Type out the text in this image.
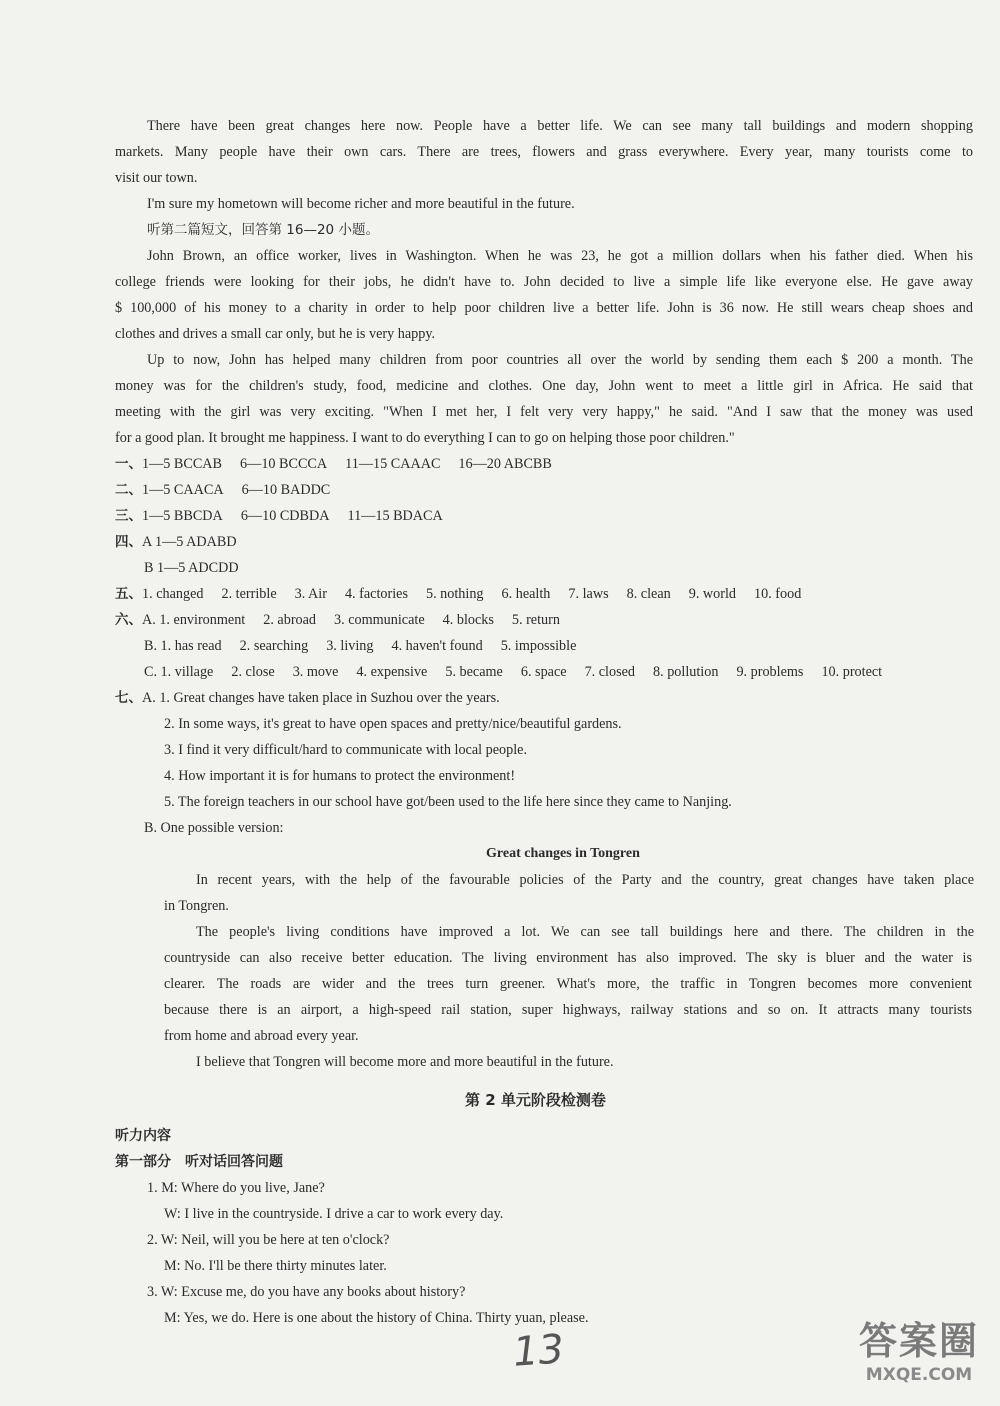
There have been great changes here now. People have a better life. We can see many tall buildings and modern shopping
markets. Many people have their own cars. There are trees, flowers and grass everywhere. Every year, many tourists come to
visit our town.
I'm sure my hometown will become richer and more beautiful in the future.
听第二篇短文，回答第 16—20 小题。
John Brown, an office worker, lives in Washington. When he was 23, he got a million dollars when his father died. When his
college friends were looking for their jobs, he didn't have to. John decided to live a simple life like everyone else. He gave away
$ 100,000 of his money to a charity in order to help poor children live a better life. John is 36 now. He still wears cheap shoes and
clothes and drives a small car only, but he is very happy.
Up to now, John has helped many children from poor countries all over the world by sending them each $ 200 a month. The
money was for the children's study, food, medicine and clothes. One day, John went to meet a little girl in Africa. He said that
meeting with the girl was very exciting. "When I met her, I felt very very happy," he said. "And I saw that the money was used
for a good plan. It brought me happiness. I want to do everything I can to go on helping those poor children."
一、1—5 BCCAB 6—10 BCCCA 11—15 CAAAC 16—20 ABCBB
二、1—5 CAACA 6—10 BADDC
三、1—5 BBCDA 6—10 CDBDA 11—15 BDACA
四、A 1—5 ADABD
B 1—5 ADCDD
五、1. changed 2. terrible 3. Air 4. factories 5. nothing 6. health 7. laws 8. clean 9. world 10. food
六、A. 1. environment 2. abroad 3. communicate 4. blocks 5. return
B. 1. has read 2. searching 3. living 4. haven't found 5. impossible
C. 1. village 2. close 3. move 4. expensive 5. became 6. space 7. closed 8. pollution 9. problems 10. protect
七、A. 1. Great changes have taken place in Suzhou over the years.
2. In some ways, it's great to have open spaces and pretty/nice/beautiful gardens.
3. I find it very difficult/hard to communicate with local people.
4. How important it is for humans to protect the environment!
5. The foreign teachers in our school have got/been used to the life here since they came to Nanjing.
B. One possible version:
Great changes in Tongren
In recent years, with the help of the favourable policies of the Party and the country, great changes have taken place
in Tongren.
The people's living conditions have improved a lot. We can see tall buildings here and there. The children in the
countryside can also receive better education. The living environment has also improved. The sky is bluer and the water is
clearer. The roads are wider and the trees turn greener. What's more, the traffic in Tongren becomes more convenient
because there is an airport, a high-speed rail station, super highways, railway stations and so on. It attracts many tourists
from home and abroad every year.
I believe that Tongren will become more and more beautiful in the future.
第 2 单元阶段检测卷
听力内容
第一部分　听对话回答问题
1. M: Where do you live, Jane?
W: I live in the countryside. I drive a car to work every day.
2. W: Neil, will you be here at ten o'clock?
M: No. I'll be there thirty minutes later.
3. W: Excuse me, do you have any books about history?
M: Yes, we do. Here is one about the history of China. Thirty yuan, please.
13	答案圈
MXQE.COM
